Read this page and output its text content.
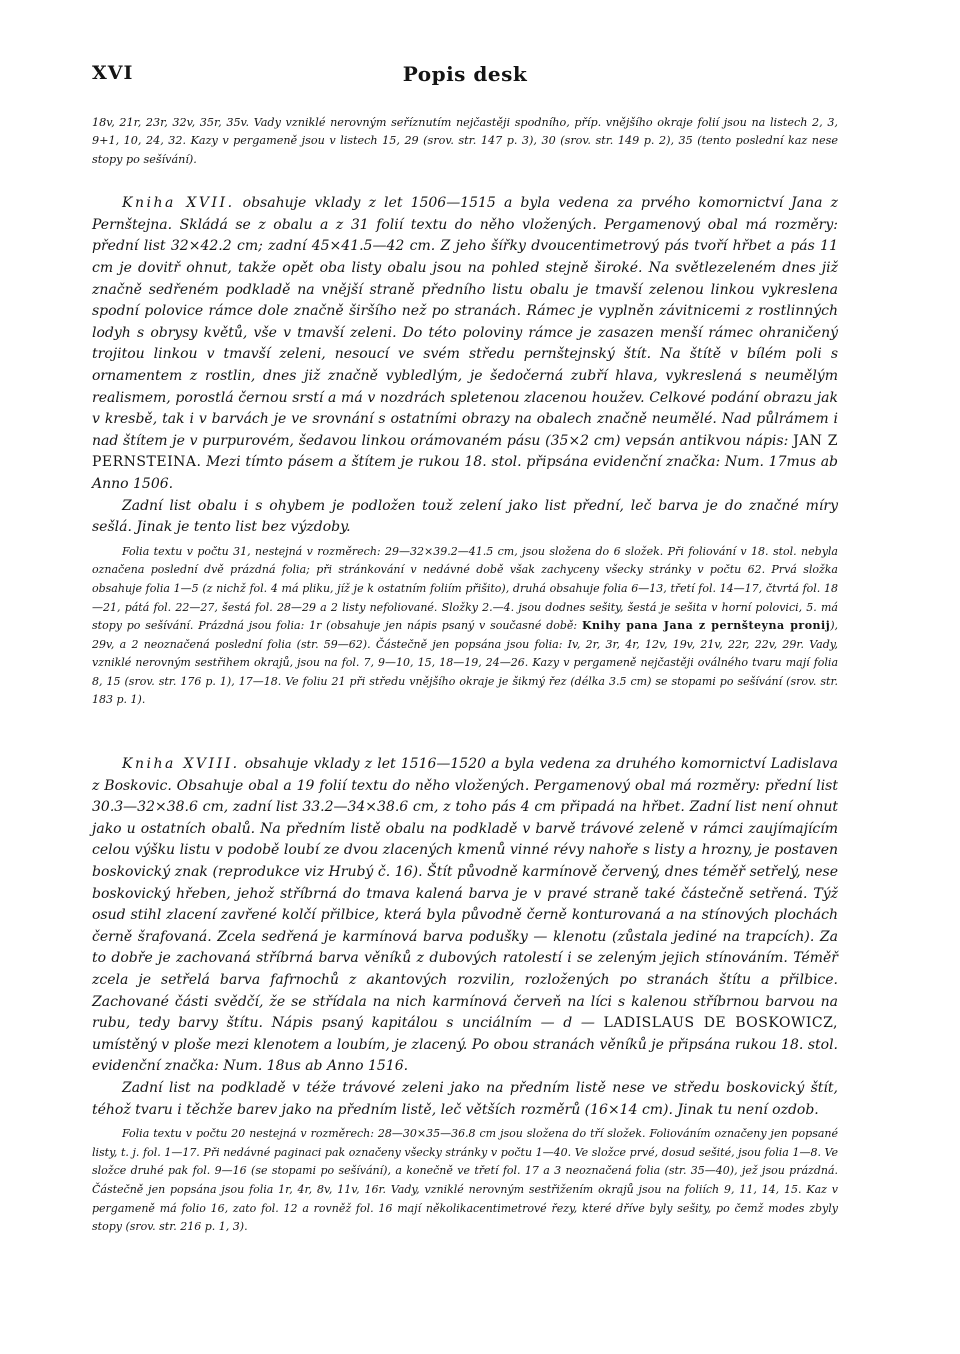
XVI	Popis desk

18v, 21r, 23r, 32v, 35r, 35v. Vady vzniklé nerovným seříznutím nejčastěji spodního, příp. vnějšího okraje folií jsou na listech 2, 3, 9+1, 10, 24, 32. Kazy v pergameně jsou v listech 15, 29 (srov. str. 147 p. 3), 30 (srov. str. 149 p. 2), 35 (tento poslední kaz nese stopy po sešívání).

Kniha XVII. obsahuje vklady z let 1506—1515 a byla vedena za prvého komornictví Jana z Pernštejna. Skládá se z obalu a z 31 folií textu do něho vložených. Pergamenový obal má rozměry: přední list 32×42.2 cm; zadní 45×41.5—42 cm. Z jeho šířky dvoucentimetrový pás tvoří hřbet a pás 11 cm je dovitř ohnut, takže opět oba listy obalu jsou na pohled stejně široké. Na světlezeleném dnes již značně sedřeném podkladě na vnější straně předního listu obalu je tmavší zelenou linkou vykreslena spodní polovice rámce dole značně širšího než po stranách. Rámec je vyplněn závitnicemi z rostlinných lodyh s obrysy květů, vše v tmavší zeleni. Do této poloviny rámce je zasazen menší rámec ohraničený trojitou linkou v tmavší zeleni, nesoucí ve svém středu pernštejnský štít. Na štítě v bílém poli s ornamentem z rostlin, dnes již značně vybledlým, je šedočerná zubří hlava, vykreslená s neumělým realismem, porostlá černou srstí a má v nozdrách spletenou zlacenou houžev. Celkové podání obrazu jak v kresbě, tak i v barvách je ve srovnání s ostatními obrazy na obalech značně neumělé. Nad půlrámem i nad štítem je v purpurovém, šedavou linkou orámovaném pásu (35×2 cm) vepsán antikvou nápis: JAN Z PERNSTEINA. Mezi tímto pásem a štítem je rukou 18. stol. připsána evidenční značka: Num. 17mus ab Anno 1506.

Zadní list obalu i s ohybem je podložen touž zelení jako list přední, leč barva je do značné míry sešlá. Jinak je tento list bez výzdoby.

Folia textu v počtu 31, nestejná v rozměrech: 29—32×39.2—41.5 cm, jsou složena do 6 složek. Při foliování v 18. stol. nebyla označena poslední dvě prázdná folia; při stránkování v nedávné době však zachyceny všecky stránky v počtu 62. Prvá složka obsahuje folia 1—5 (z nichž fol. 4 má pliku, jíž je k ostatním foliím přišito), druhá obsahuje folia 6—13, třetí fol. 14—17, čtvrtá fol. 18—21, pátá fol. 22—27, šestá fol. 28—29 a 2 listy nefoliované. Složky 2.—4. jsou dodnes sešity, šestá je sešita v horní polovici, 5. má stopy po sešívání. Prázdná jsou folia: 1r (obsahuje jen nápis psaný v současné době: Knihy pana Jana z pernšteyna pronij), 29v, a 2 neoznačená poslední folia (str. 59—62). Částečně jen popsána jsou folia: Iv, 2r, 3r, 4r, 12v, 19v, 21v, 22r, 22v, 29r. Vady, vzniklé nerovným sestřihem okrajů, jsou na fol. 7, 9—10, 15, 18—19, 24—26. Kazy v pergameně nejčastěji oválného tvaru mají folia 8, 15 (srov. str. 176 p. 1), 17—18. Ve foliu 21 při středu vnějšího okraje je šikmý řez (délka 3.5 cm) se stopami po sešívání (srov. str. 183 p. 1).

Kniha XVIII. obsahuje vklady z let 1516—1520 a byla vedena za druhého komornictví Ladislava z Boskovic. Obsahuje obal a 19 folií textu do něho vložených. Pergamenový obal má rozměry: přední list 30.3—32×38.6 cm, zadní list 33.2—34×38.6 cm, z toho pás 4 cm připadá na hřbet. Zadní list není ohnut jako u ostatních obalů. Na předním listě obalu na podkladě v barvě trávové zeleně v rámci zaujímajícím celou výšku listu v podobě loubí ze dvou zlacených kmenů vinné révy nahoře s listy a hrozny, je postaven boskovický znak (reprodukce viz Hrubý č. 16). Štít původně karmínově červený, dnes téměř setřelý, nese boskovický hřeben, jehož stříbrná do tmava kalená barva je v pravé straně také částečně setřená. Týž osud stihl zlacení zavřené kolčí přilbice, která byla původně černě konturovaná a na stínových plochách černě šrafovaná. Zcela sedřená je karmínová barva podušky — klenotu (zůstala jediné na trapcích). Za to dobře je zachovaná stříbrná barva věníků z dubových ratolestí i se zeleným jejich stínováním. Téměř zcela je setřelá barva fafrnochů z akantových rozvilin, rozložených po stranách štítu a přilbice. Zachované části svědčí, že se střídala na nich karmínová červeň na líci s kalenou stříbrnou barvou na rubu, tedy barvy štítu. Nápis psaný kapitálou s unciálním — d — LADISLAUS DE BOSKOWICZ, umístěný v ploše mezi klenotem a loubím, je zlacený. Po obou stranách věníků je připsána rukou 18. stol. evidenční značka: Num. 18us ab Anno 1516.

Zadní list na podkladě v téže trávové zeleni jako na předním listě nese ve středu boskovický štít, téhož tvaru i těchže barev jako na předním listě, leč větších rozměrů (16×14 cm). Jinak tu není ozdob.

Folia textu v počtu 20 nestejná v rozměrech: 28—30×35—36.8 cm jsou složena do tří složek. Foliováním označeny jen popsané listy, t. j. fol. 1—17. Při nedávné paginaci pak označeny všecky stránky v počtu 1—40. Ve složce prvé, dosud sešité, jsou folia 1—8. Ve složce druhé pak fol. 9—16 (se stopami po sešívání), a konečně ve třetí fol. 17 a 3 neoznačená folia (str. 35—40), jež jsou prázdná. Částečně jen popsána jsou folia 1r, 4r, 8v, 11v, 16r. Vady, vzniklé nerovným sestřižením okrajů jsou na foliích 9, 11, 14, 15. Kaz v pergameně má folio 16, zato fol. 12 a rovněž fol. 16 mají několikacentimetrové řezy, které dříve byly sešity, po čemž modes zbyly stopy (srov. str. 216 p. 1, 3).
